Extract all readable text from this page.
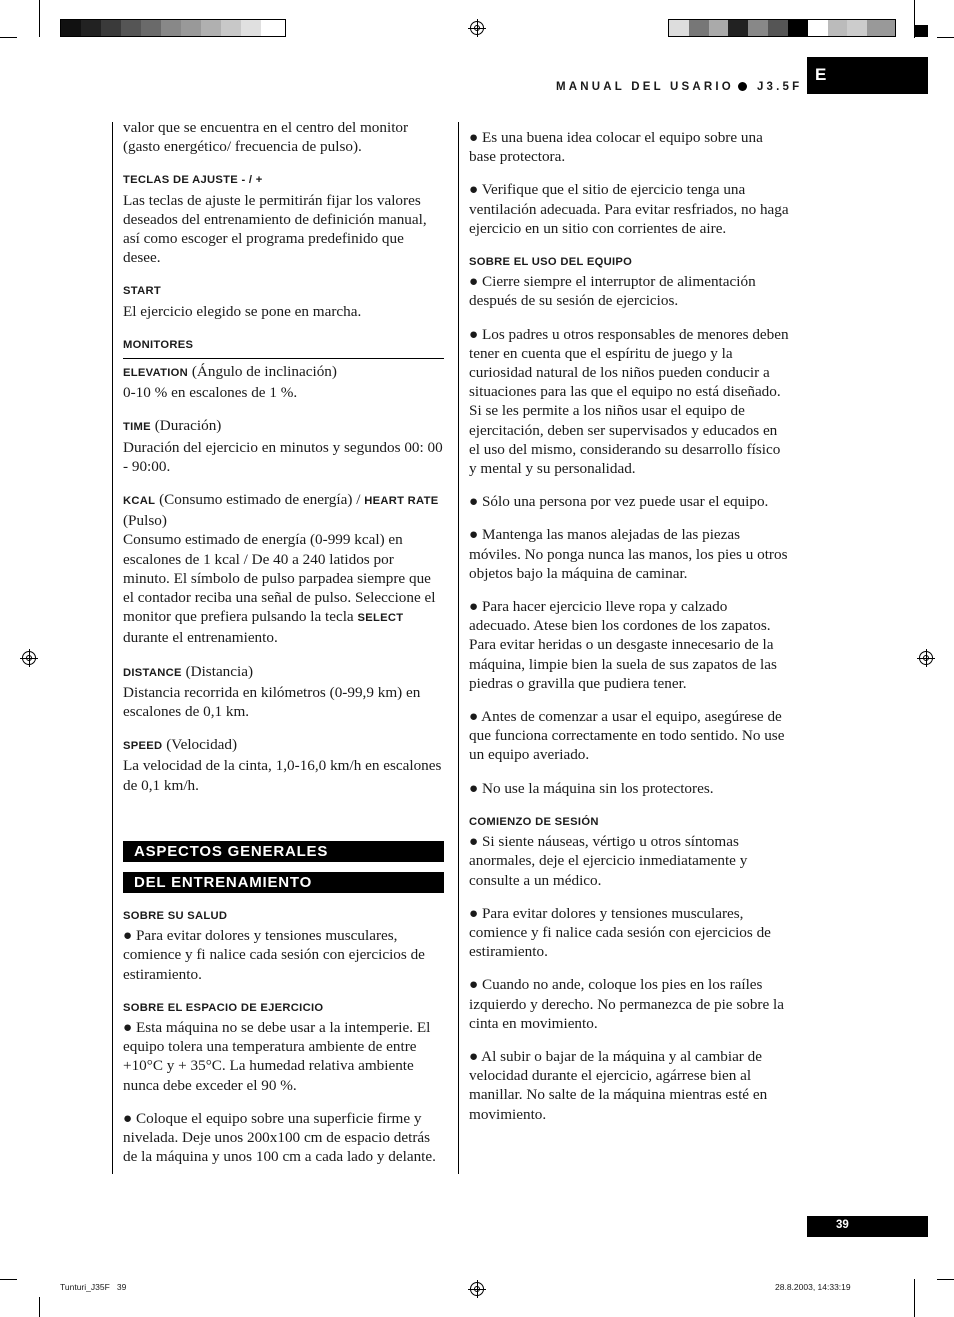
MANUAL DEL USARIO J3.5F
E

valor que se encuentra en el centro del monitor (gasto energético/ frecuencia de pulso).

TECLAS DE AJUSTE - / +

Las teclas de ajuste le permitirán fijar los valores deseados del entrenamiento de definición manual, así como escoger el programa predefinido que desee.

START

El ejercicio elegido se pone en marcha.

MONITORES

ELEVATION (Ángulo de inclinación)

0-10 % en escalones de 1 %.

TIME (Duración)

Duración del ejercicio en minutos y segundos 00: 00 - 90:00.

KCAL (Consumo estimado de energía) / HEART RATE (Pulso)

Consumo estimado de energía (0-999 kcal) en escalones de 1 kcal / De 40 a 240 latidos por minuto. El símbolo de pulso parpadea siempre que el contador reciba una señal de pulso. Seleccione el monitor que prefiera pulsando la tecla SELECT durante el entrenamiento.

DISTANCE (Distancia)

Distancia recorrida en kilómetros (0-99,9 km) en escalones de 0,1 km.

SPEED (Velocidad)

La velocidad de la cinta, 1,0-16,0 km/h en escalones de 0,1 km/h.

ASPECTOS GENERALES
DEL ENTRENAMIENTO

SOBRE SU SALUD

● Para evitar dolores y tensiones musculares, comience y fi nalice cada sesión con ejercicios de estiramiento.

SOBRE EL ESPACIO DE EJERCICIO

● Esta máquina no se debe usar a la intemperie. El equipo tolera una temperatura ambiente de entre +10°C y + 35°C. La humedad relativa ambiente nunca debe exceder el 90 %.

● Coloque el equipo sobre una superficie firme y nivelada. Deje unos 200x100 cm de espacio detrás de la máquina y unos 100 cm a cada lado y delante.

● Es una buena idea colocar el equipo sobre una base protectora.

● Verifique que el sitio de ejercicio tenga una ventilación adecuada. Para evitar resfriados, no haga ejercicio en un sitio con corrientes de aire.

SOBRE EL USO DEL EQUIPO

● Cierre siempre el interruptor de alimentación después de su sesión de ejercicios.

● Los padres u otros responsables de menores deben tener en cuenta que el espíritu de juego y la curiosidad natural de los niños pueden conducir a situaciones para las que el equipo no está diseñado. Si se les permite a los niños usar el equipo de ejercitación, deben ser supervisados y educados en el uso del mismo, considerando su desarrollo físico y mental y su personalidad.

● Sólo una persona por vez puede usar el equipo.

● Mantenga las manos alejadas de las piezas móviles. No ponga nunca las manos, los pies u otros objetos bajo la máquina de caminar.

● Para hacer ejercicio lleve ropa y calzado adecuado. Atese bien los cordones de los zapatos. Para evitar heridas o un desgaste innecesario de la máquina, limpie bien la suela de sus zapatos de las piedras o gravilla que pudiera tener.

● Antes de comenzar a usar el equipo, asegúrese de que funciona correctamente en todo sentido. No use un equipo averiado.

● No use la máquina sin los protectores.

COMIENZO DE SESIÓN

● Si siente náuseas, vértigo u otros síntomas anormales, deje el ejercicio inmediatamente y consulte a un médico.

● Para evitar dolores y tensiones musculares, comience y fi nalice cada sesión con ejercicios de estiramiento.

● Cuando no ande, coloque los pies en los raíles izquierdo y derecho. No permanezca de pie sobre la cinta en movimiento.

● Al subir o bajar de la máquina y al cambiar de velocidad durante el ejercicio, agárrese bien al manillar. No salte de la máquina mientras esté en movimiento.

39
Tunturi_J35F   39	28.8.2003, 14:33:19
